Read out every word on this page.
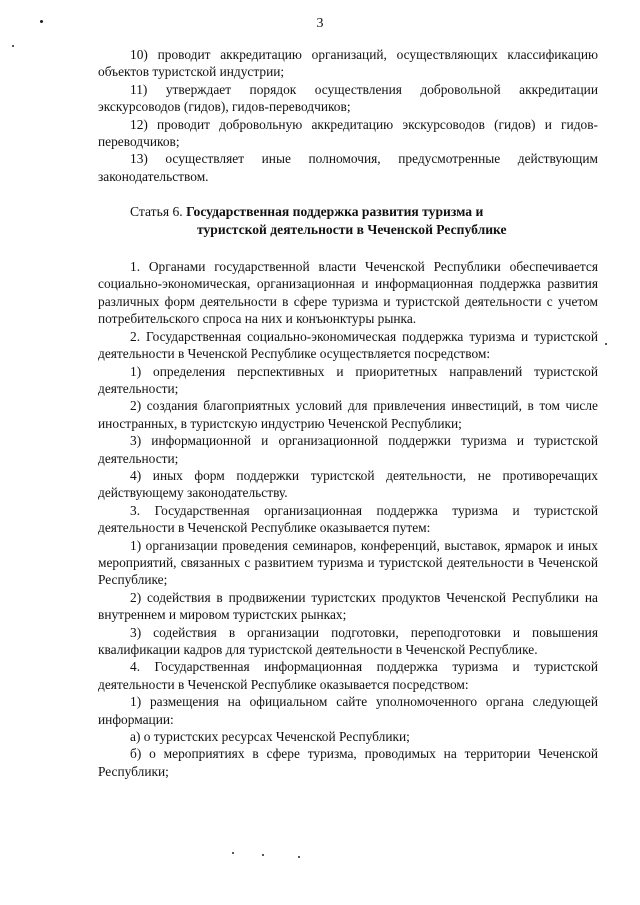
3

10) проводит аккредитацию организаций, осуществляющих классификацию объектов туристской индустрии;

11) утверждает порядок осуществления добровольной аккредитации экскурсоводов (гидов), гидов-переводчиков;

12) проводит добровольную аккредитацию экскурсоводов (гидов) и гидов-переводчиков;

13) осуществляет иные полномочия, предусмотренные действующим законодательством.

Статья 6. Государственная поддержка развития туризма и
туристской деятельности в Чеченской Республике

1. Органами государственной власти Чеченской Республики обеспечивается социально-экономическая, организационная и информационная поддержка развития различных форм деятельности в сфере туризма и туристской деятельности с учетом потребительского спроса на них и конъюнктуры рынка.

2. Государственная социально-экономическая поддержка туризма и туристской деятельности в Чеченской Республике осуществляется посредством:

1) определения перспективных и приоритетных направлений туристской деятельности;

2) создания благоприятных условий для привлечения инвестиций, в том числе иностранных, в туристскую индустрию Чеченской Республики;

3) информационной и организационной поддержки туризма и туристской деятельности;

4) иных форм поддержки туристской деятельности, не противоречащих действующему законодательству.

3. Государственная организационная поддержка туризма и туристской деятельности в Чеченской Республике оказывается путем:

1) организации проведения семинаров, конференций, выставок, ярмарок и иных мероприятий, связанных с развитием туризма и туристской деятельности в Чеченской Республике;

2) содействия в продвижении туристских продуктов Чеченской Республики на внутреннем и мировом туристских рынках;

3) содействия в организации подготовки, переподготовки и повышения квалификации кадров для туристской деятельности в Чеченской Республике.

4. Государственная информационная поддержка туризма и туристской деятельности в Чеченской Республике оказывается посредством:

1) размещения на официальном сайте уполномоченного органа следующей информации:

а) о туристских ресурсах Чеченской Республики;

б) о мероприятиях в сфере туризма, проводимых на территории Чеченской Республики;
